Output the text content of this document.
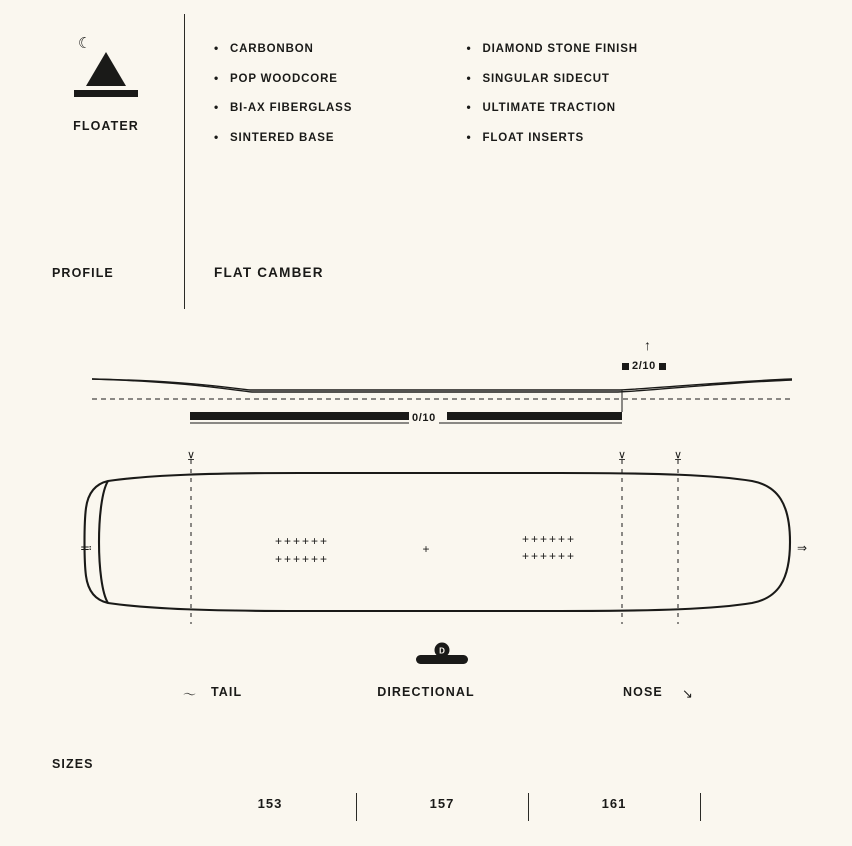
☾
FLOATER
• CARBONBON
• POP WOODCORE
• BI-AX FIBERGLASS
• SINTERED BASE

• DIAMOND STONE FINISH
• SINGULAR SIDECUT
• ULTIMATE TRACTION
• FLOAT INSERTS
PROFILE	FLAT CAMBER
↑
2/10
0/10
⊻	⊻	⊻
++++++
++++++
+
++++++
++++++
≕	⇒
D
〜 TAIL	DIRECTIONAL	NOSE ↘
SIZES
153	157	161
